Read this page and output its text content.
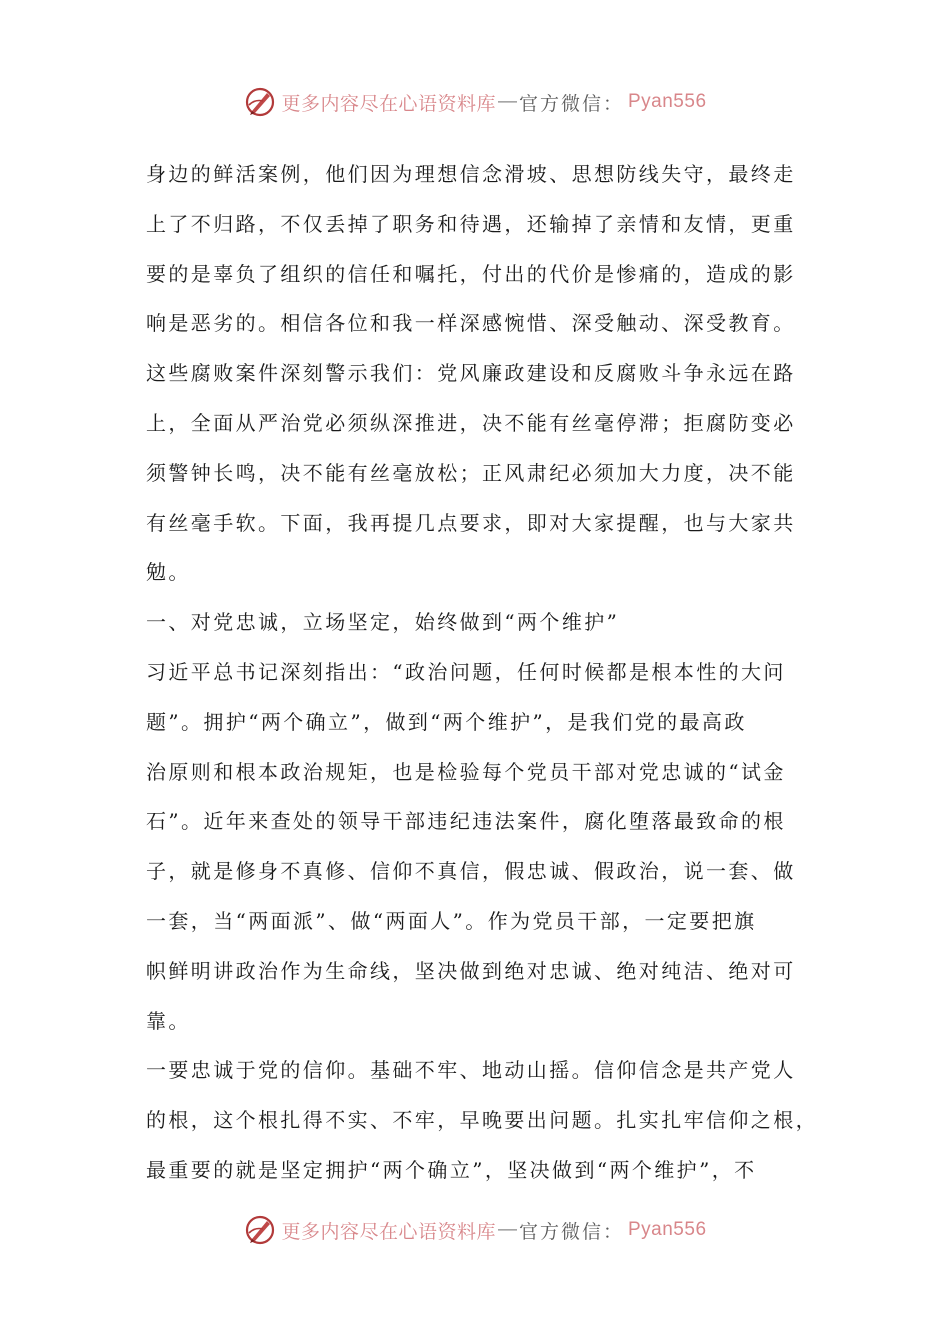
更多内容尽在心语资料库 — 官方微信： Pyan556
身边的鲜活案例，他们因为理想信念滑坡、思想防线失守，最终走
上了不归路，不仅丢掉了职务和待遇，还输掉了亲情和友情，更重
要的是辜负了组织的信任和嘱托，付出的代价是惨痛的，造成的影
响是恶劣的。相信各位和我一样深感惋惜、深受触动、深受教育。
这些腐败案件深刻警示我们：党风廉政建设和反腐败斗争永远在路
上，全面从严治党必须纵深推进，决不能有丝毫停滞；拒腐防变必
须警钟长鸣，决不能有丝毫放松；正风肃纪必须加大力度，决不能
有丝毫手软。下面，我再提几点要求，即对大家提醒，也与大家共
勉。
一、对党忠诚，立场坚定，始终做到“两个维护”
习近平总书记深刻指出：“政治问题，任何时候都是根本性的大问
题”。拥护“两个确立”，做到“两个维护”，是我们党的最高政
治原则和根本政治规矩，也是检验每个党员干部对党忠诚的“试金
石”。近年来查处的领导干部违纪违法案件，腐化堕落最致命的根
子，就是修身不真修、信仰不真信，假忠诚、假政治，说一套、做
一套，当“两面派”、做“两面人”。作为党员干部，一定要把旗
帜鲜明讲政治作为生命线，坚决做到绝对忠诚、绝对纯洁、绝对可
靠。
一要忠诚于党的信仰。基础不牢、地动山摇。信仰信念是共产党人
的根，这个根扎得不实、不牢，早晚要出问题。扎实扎牢信仰之根，
最重要的就是坚定拥护“两个确立”，坚决做到“两个维护”，不
更多内容尽在心语资料库 — 官方微信： Pyan556
